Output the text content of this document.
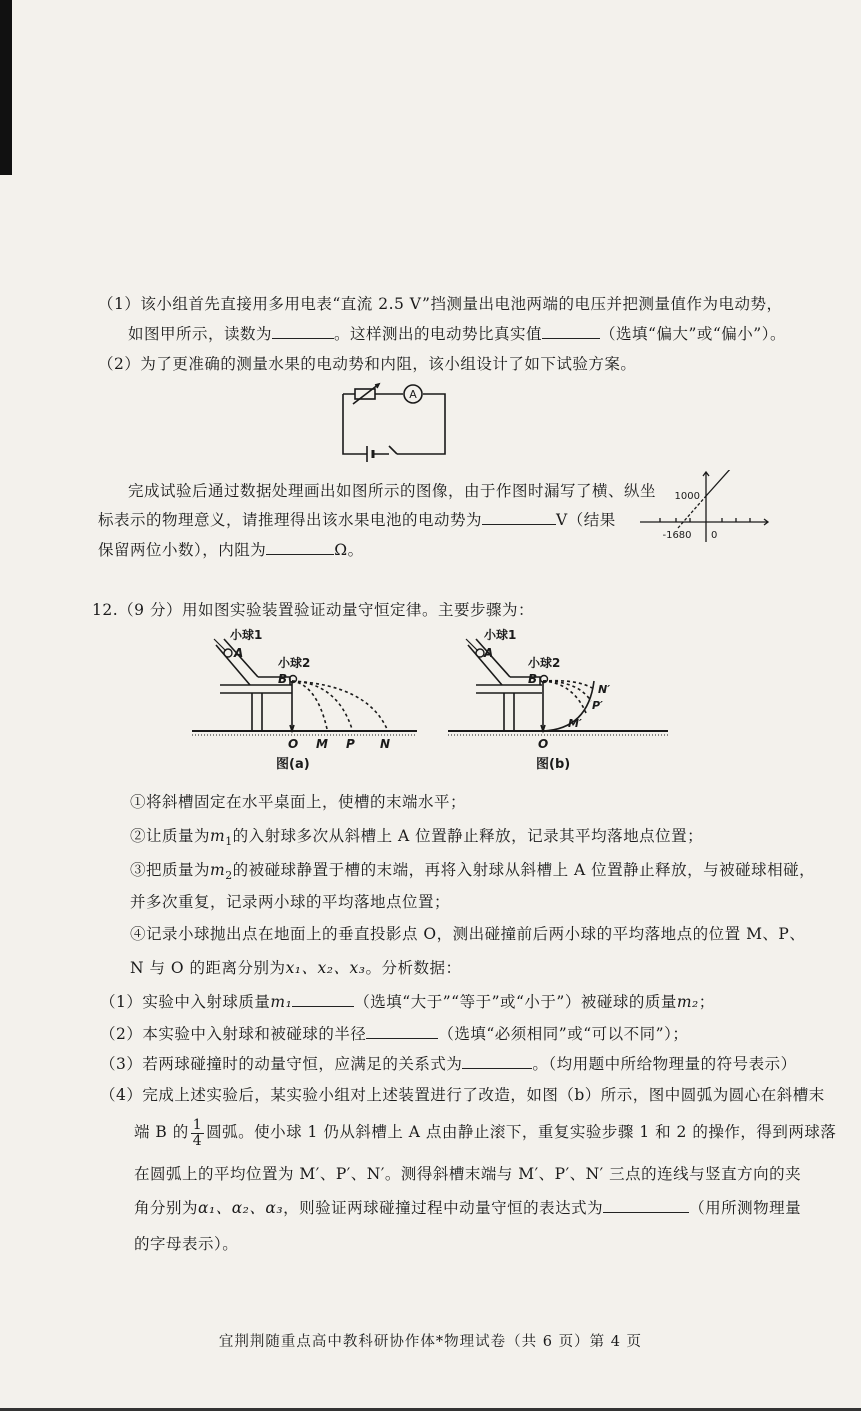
（1）该小组首先直接用多用电表“直流 2.5 V”挡测量出电池两端的电压并把测量值作为电动势，
如图甲所示，读数为	。这样测出的电动势比真实值	（选填“偏大”或“偏小”）。
（2）为了更准确的测量水果的电动势和内阻，该小组设计了如下试验方案。
A
完成试验后通过数据处理画出如图所示的图像，由于作图时漏写了横、纵坐
标表示的物理意义，请推理得出该水果电池的电动势为	V（结果
保留两位小数），内阻为	Ω。
1000
-1680 0
12.（9 分）用如图实验装置验证动量守恒定律。主要步骤为：
小球1
A
小球2
B
O M P N
图(a)
小球1
A
小球2
B
N′
P′
M′
O
图(b)
①将斜槽固定在水平桌面上，使槽的末端水平；
②让质量为$m_1$的入射球多次从斜槽上 A 位置静止释放，记录其平均落地点位置；
③把质量为$m_2$的被碰球静置于槽的末端，再将入射球从斜槽上 A 位置静止释放，与被碰球相碰，
并多次重复，记录两小球的平均落地点位置；
④记录小球抛出点在地面上的垂直投影点 O，测出碰撞前后两小球的平均落地点的位置 M、P、
N 与 O 的距离分别为x₁、x₂、x₃。分析数据：
（1）实验中入射球质量m₁	（选填“大于”“等于”或“小于”）被碰球的质量m₂；
（2）本实验中入射球和被碰球的半径	（选填“必须相同”或“可以不同”）；
（3）若两球碰撞时的动量守恒，应满足的关系式为	。（均用题中所给物理量的符号表示）
（4）完成上述实验后，某实验小组对上述装置进行了改造，如图（b）所示，图中圆弧为圆心在斜槽末
端 B 的 $\frac{1}{4}$ 圆弧。使小球 1 仍从斜槽上 A 点由静止滚下，重复实验步骤 1 和 2 的操作，得到两球落
在圆弧上的平均位置为 M′、P′、N′。测得斜槽末端与 M′、P′、N′ 三点的连线与竖直方向的夹
角分别为α₁、α₂、α₃，则验证两球碰撞过程中动量守恒的表达式为	（用所测物理量
的字母表示）。
宜荆荆随重点高中教科研协作体*物理试卷（共 6 页）第 4 页
